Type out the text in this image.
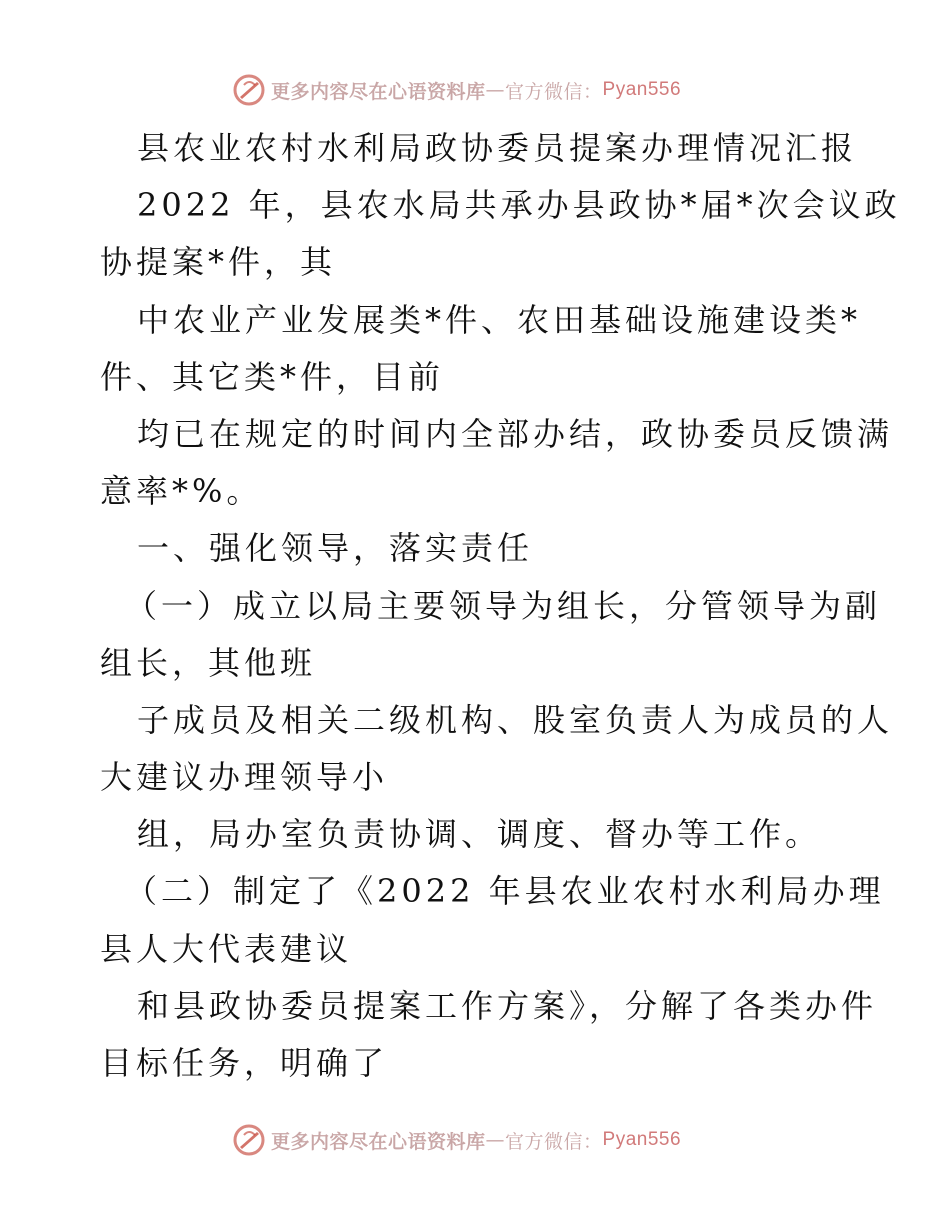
更多内容尽在心语资料库 — 官方微信： Pyan556
县农业农村水利局政协委员提案办理情况汇报
2022 年，县农水局共承办县政协*届*次会议政
协提案*件，其
中农业产业发展类*件、农田基础设施建设类*
件、其它类*件，目前
均已在规定的时间内全部办结，政协委员反馈满
意率*%。
一、强化领导，落实责任
（一）成立以局主要领导为组长，分管领导为副
组长，其他班
子成员及相关二级机构、股室负责人为成员的人
大建议办理领导小
组，局办室负责协调、调度、督办等工作。
（二）制定了《2022 年县农业农村水利局办理
县人大代表建议
和县政协委员提案工作方案》，分解了各类办件
目标任务，明确了
更多内容尽在心语资料库 — 官方微信： Pyan556
